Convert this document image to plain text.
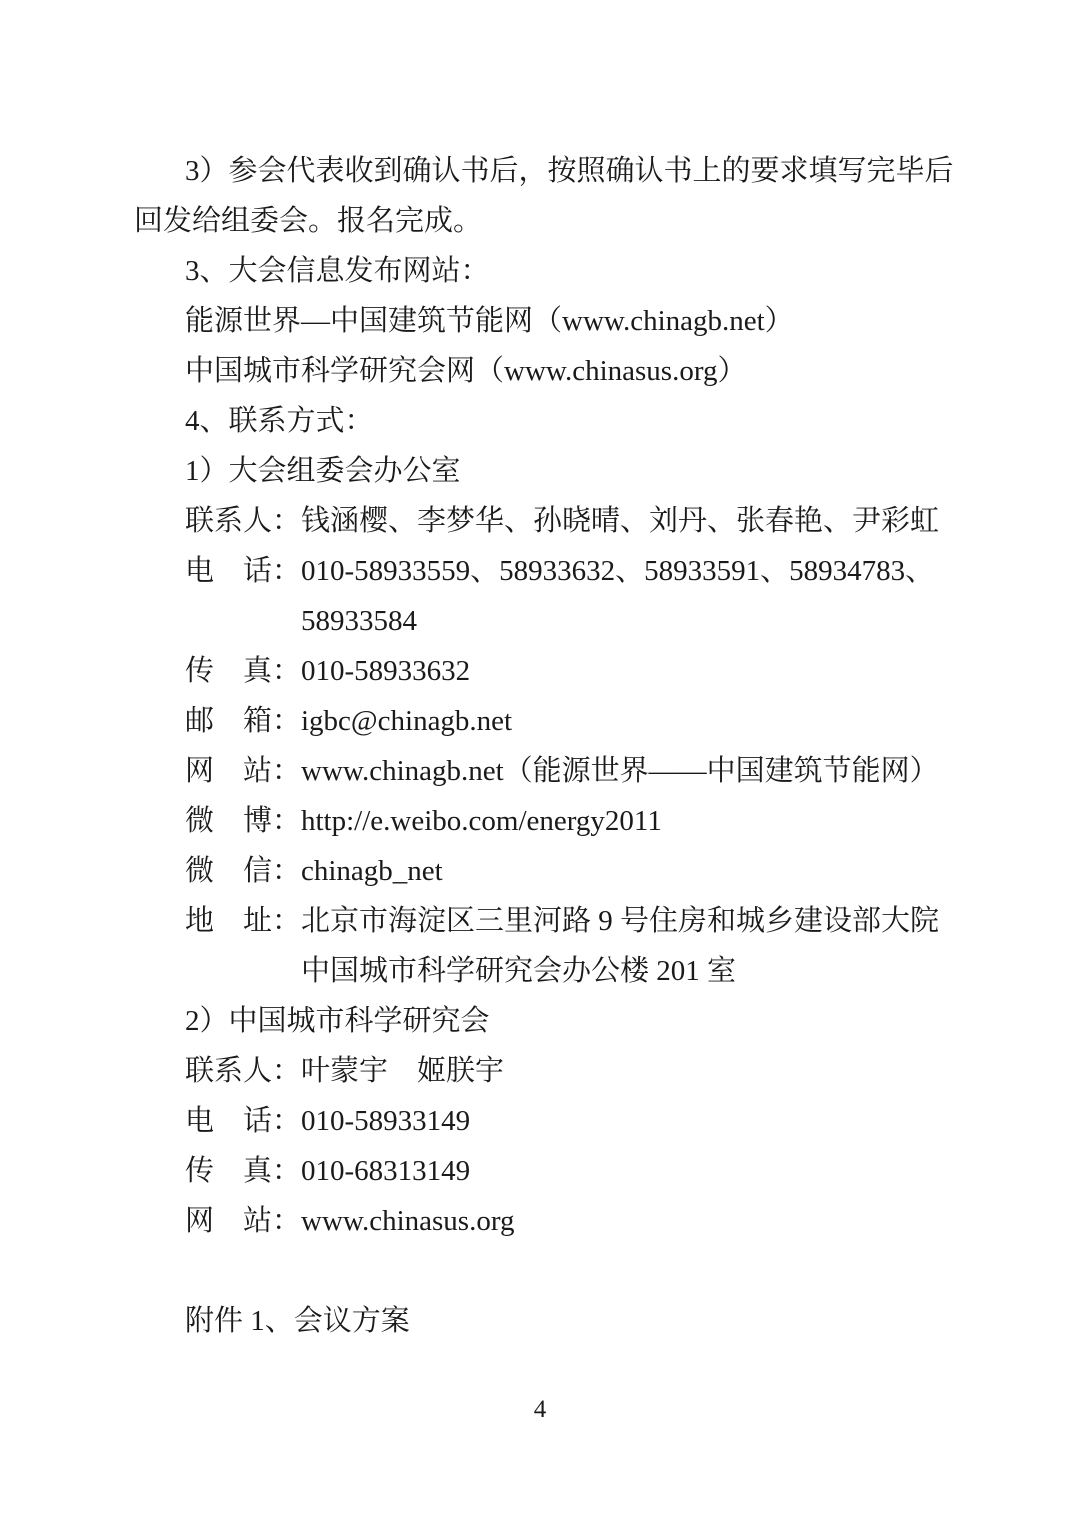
3）参会代表收到确认书后，按照确认书上的要求填写完毕后
回发给组委会。报名完成。
3、大会信息发布网站：
能源世界—中国建筑节能网（www.chinagb.net）
中国城市科学研究会网（www.chinasus.org）
4、联系方式：
1）大会组委会办公室
联系人：钱涵樱、李梦华、孙晓晴、刘丹、张春艳、尹彩虹
电　话：010-58933559、58933632、58933591、58934783、
58933584
传　真：010-58933632
邮　箱：igbc@chinagb.net
网　站：www.chinagb.net（能源世界——中国建筑节能网）
微　博：http://e.weibo.com/energy2011
微　信：chinagb_net
地　址：北京市海淀区三里河路 9 号住房和城乡建设部大院
中国城市科学研究会办公楼 201 室
2）中国城市科学研究会
联系人：叶蒙宇　姬朕宇
电　话：010-58933149
传　真：010-68313149
网　站：www.chinasus.org
附件 1、会议方案
4
